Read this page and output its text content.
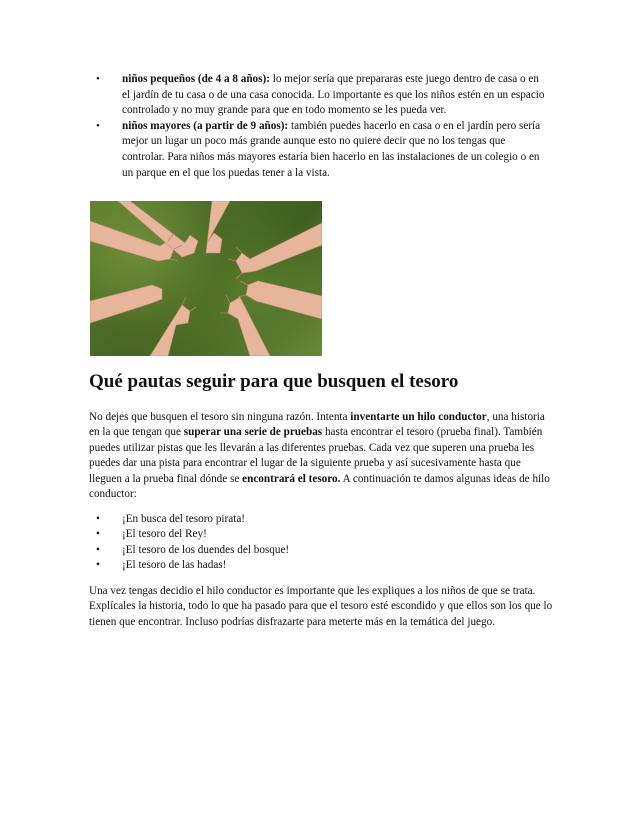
• niños pequeños (de 4 a 8 años): lo mejor sería que prepararas este juego dentro de casa o en el jardín de tu casa o de una casa conocida. Lo importante es que los niños estén en un espacio controlado y no muy grande para que en todo momento se les pueda ver.
• niños mayores (a partir de 9 años): también puedes hacerlo en casa o en el jardín pero sería mejor un lugar un poco más grande aunque esto no quiere decir que no los tengas que controlar. Para niños más mayores estaría bien hacerlo en las instalaciones de un colegio o en un parque en el que los puedas tener a la vista.
Qué pautas seguir para que busquen el tesoro

No dejes que busquen el tesoro sin ninguna razón. Intenta inventarte un hilo conductor, una historia en la que tengan que superar una serie de pruebas hasta encontrar el tesoro (prueba final). También puedes utilizar pistas que les llevarán a las diferentes pruebas. Cada vez que superen una prueba les puedes dar una pista para encontrar el lugar de la siguiente prueba y así sucesivamente hasta que lleguen a la prueba final dónde se encontrará el tesoro. A continuación te damos algunas ideas de hilo conductor:

• ¡En busca del tesoro pirata!
• ¡El tesoro del Rey!
• ¡El tesoro de los duendes del bosque!
• ¡El tesoro de las hadas!

Una vez tengas decidio el hilo conductor es importante que les expliques a los niños de que se trata. Explícales la historia, todo lo que ha pasado para que el tesoro esté escondido y que ellos son los que lo tienen que encontrar. Incluso podrías disfrazarte para meterte más en la temática del juego.
